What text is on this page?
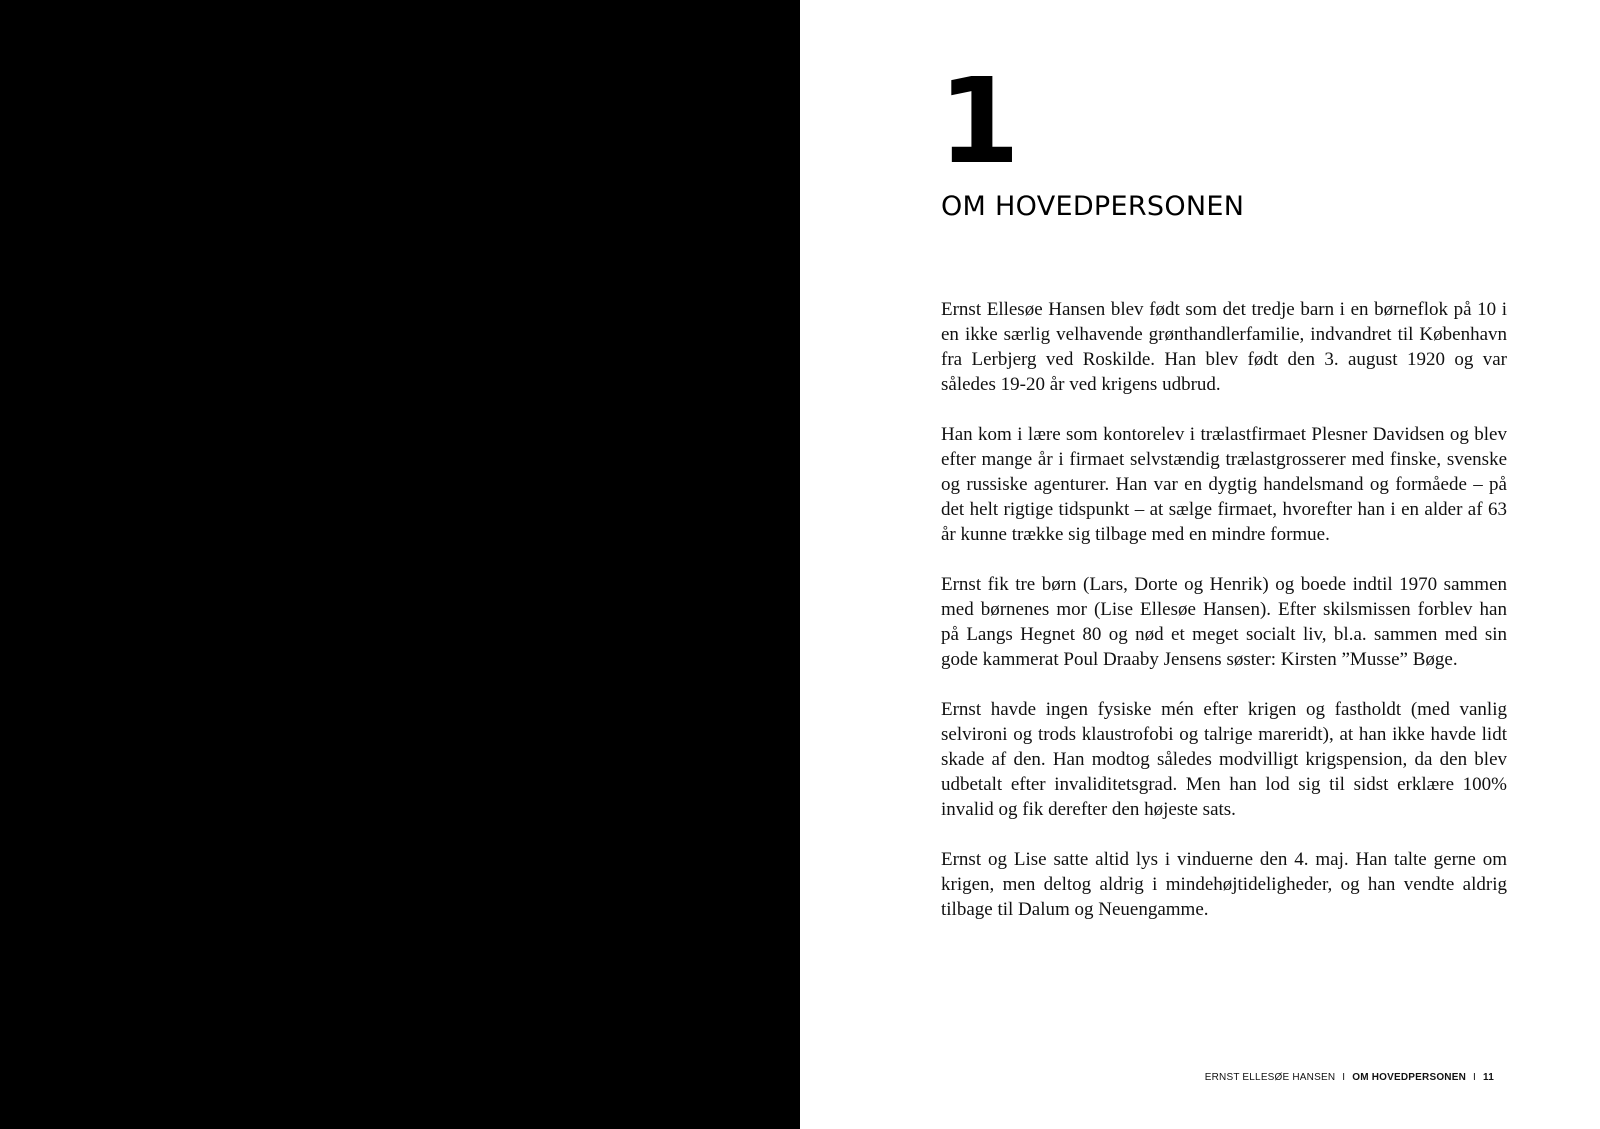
1
OM HOVEDPERSONEN

Ernst Ellesøe Hansen blev født som det tredje barn i en børneflok på 10 i en ikke særlig velhavende grønthandlerfamilie, indvandret til København fra Lerbjerg ved Roskilde. Han blev født den 3. august 1920 og var således 19-20 år ved krigens udbrud.

Han kom i lære som kontorelev i trælastfirmaet Plesner Davidsen og blev efter mange år i firmaet selvstændig trælastgrosserer med finske, svenske og russiske agenturer. Han var en dygtig handelsmand og formåede – på det helt rigtige tidspunkt – at sælge firmaet, hvorefter han i en alder af 63 år kunne trække sig tilbage med en mindre formue.

Ernst fik tre børn (Lars, Dorte og Henrik) og boede indtil 1970 sammen med børnenes mor (Lise Ellesøe Hansen). Efter skilsmissen forblev han på Langs Hegnet 80 og nød et meget socialt liv, bl.a. sammen med sin gode kammerat Poul Draaby Jensens søster: Kirsten ”Musse” Bøge.

Ernst havde ingen fysiske mén efter krigen og fastholdt (med vanlig selvironi og trods klaustrofobi og talrige mareridt), at han ikke havde lidt skade af den. Han modtog således modvilligt krigspension, da den blev udbetalt efter invaliditetsgrad. Men han lod sig til sidst erklære 100% invalid og fik derefter den højeste sats.

Ernst og Lise satte altid lys i vinduerne den 4. maj. Han talte gerne om krigen, men deltog aldrig i mindehøjtideligheder, og han vendte aldrig tilbage til Dalum og Neuengamme.

ERNST ELLESØE HANSEN I OM HOVEDPERSONEN I 11
